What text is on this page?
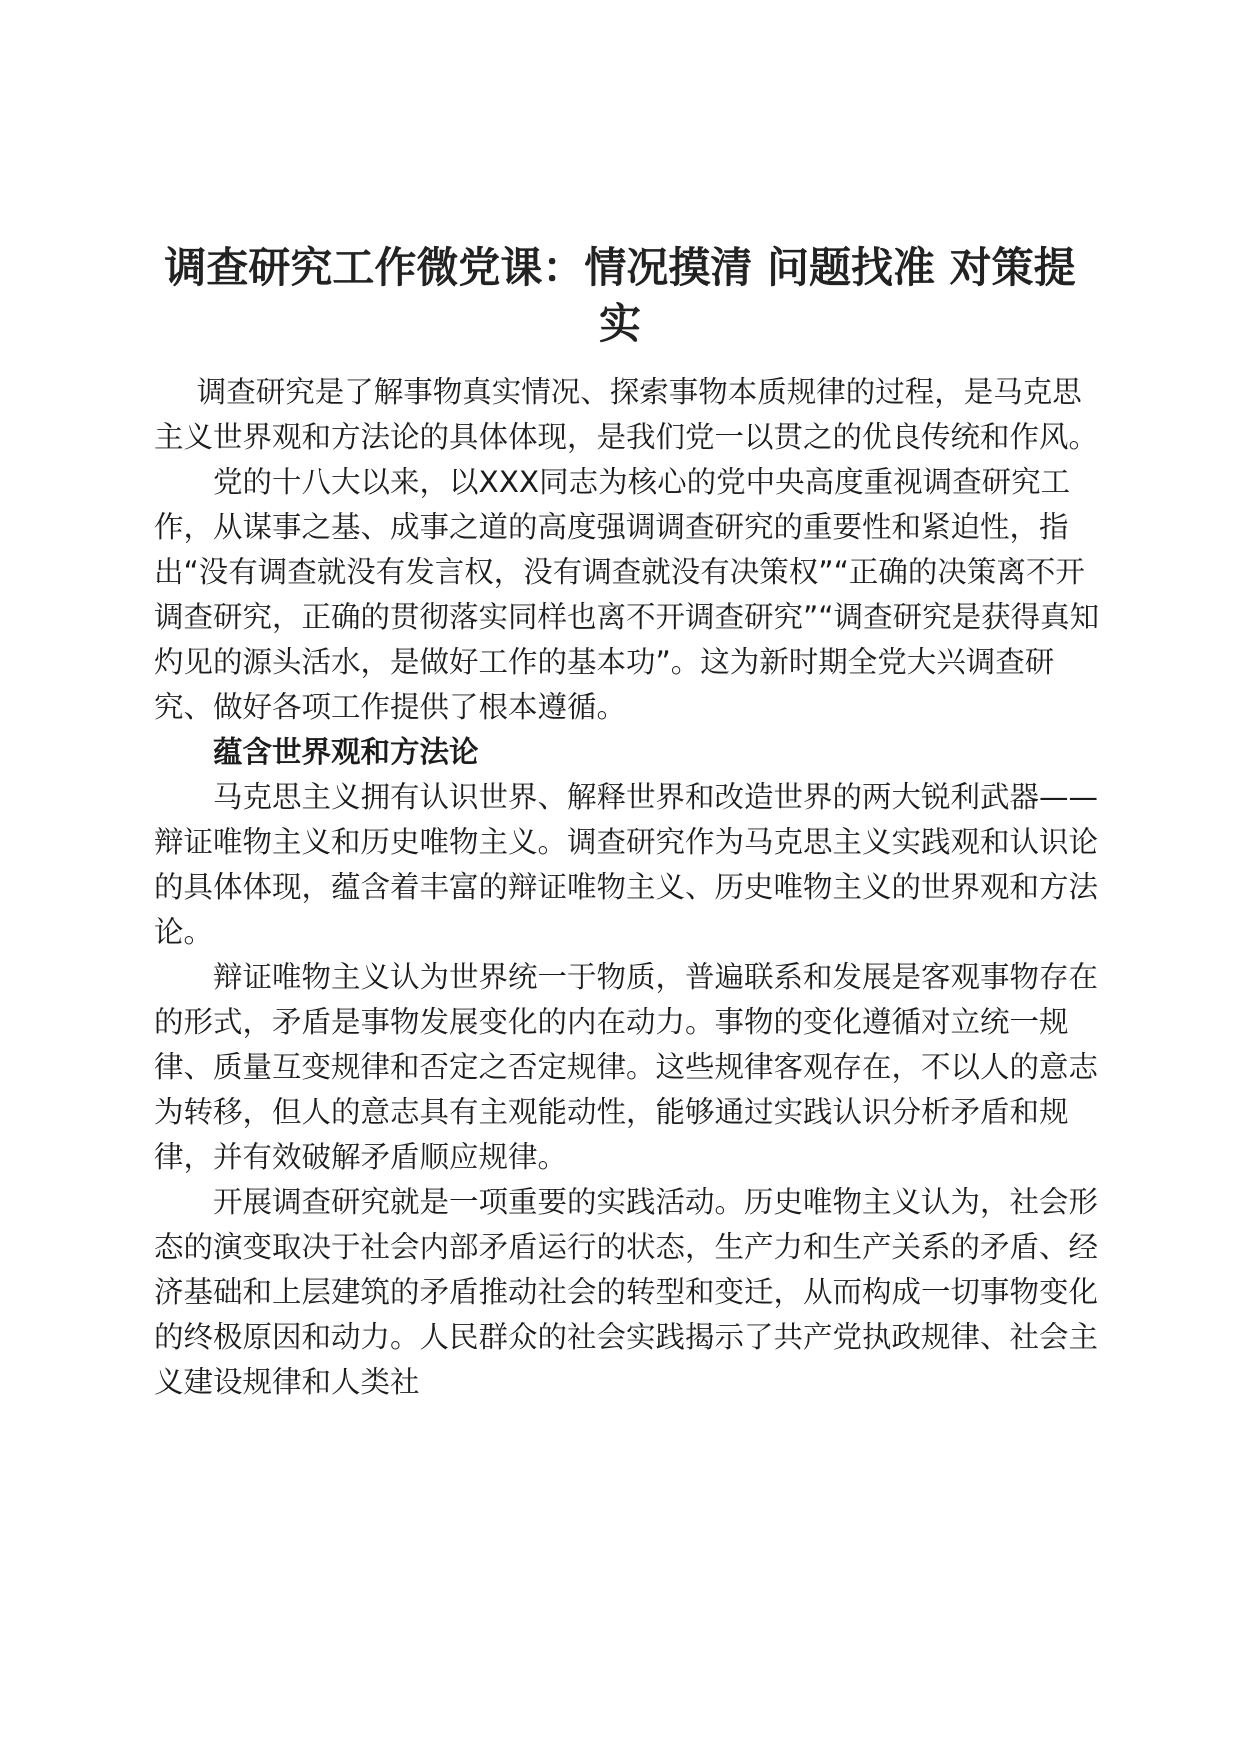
调查研究工作微党课：情况摸清 问题找准 对策提实

调查研究是了解事物真实情况、探索事物本质规律的过程，是马克思主义世界观和方法论的具体体现，是我们党一以贯之的优良传统和作风。

党的十八大以来，以XXX同志为核心的党中央高度重视调查研究工作，从谋事之基、成事之道的高度强调调查研究的重要性和紧迫性，指出“没有调查就没有发言权，没有调查就没有决策权”“正确的决策离不开调查研究，正确的贯彻落实同样也离不开调查研究”“调查研究是获得真知灼见的源头活水，是做好工作的基本功”。这为新时期全党大兴调查研究、做好各项工作提供了根本遵循。

蕴含世界观和方法论

马克思主义拥有认识世界、解释世界和改造世界的两大锐利武器——辩证唯物主义和历史唯物主义。调查研究作为马克思主义实践观和认识论的具体体现，蕴含着丰富的辩证唯物主义、历史唯物主义的世界观和方法论。

辩证唯物主义认为世界统一于物质，普遍联系和发展是客观事物存在的形式，矛盾是事物发展变化的内在动力。事物的变化遵循对立统一规律、质量互变规律和否定之否定规律。这些规律客观存在，不以人的意志为转移，但人的意志具有主观能动性，能够通过实践认识分析矛盾和规律，并有效破解矛盾顺应规律。

开展调查研究就是一项重要的实践活动。历史唯物主义认为，社会形态的演变取决于社会内部矛盾运行的状态，生产力和生产关系的矛盾、经济基础和上层建筑的矛盾推动社会的转型和变迁，从而构成一切事物变化的终极原因和动力。人民群众的社会实践揭示了共产党执政规律、社会主义建设规律和人类社
